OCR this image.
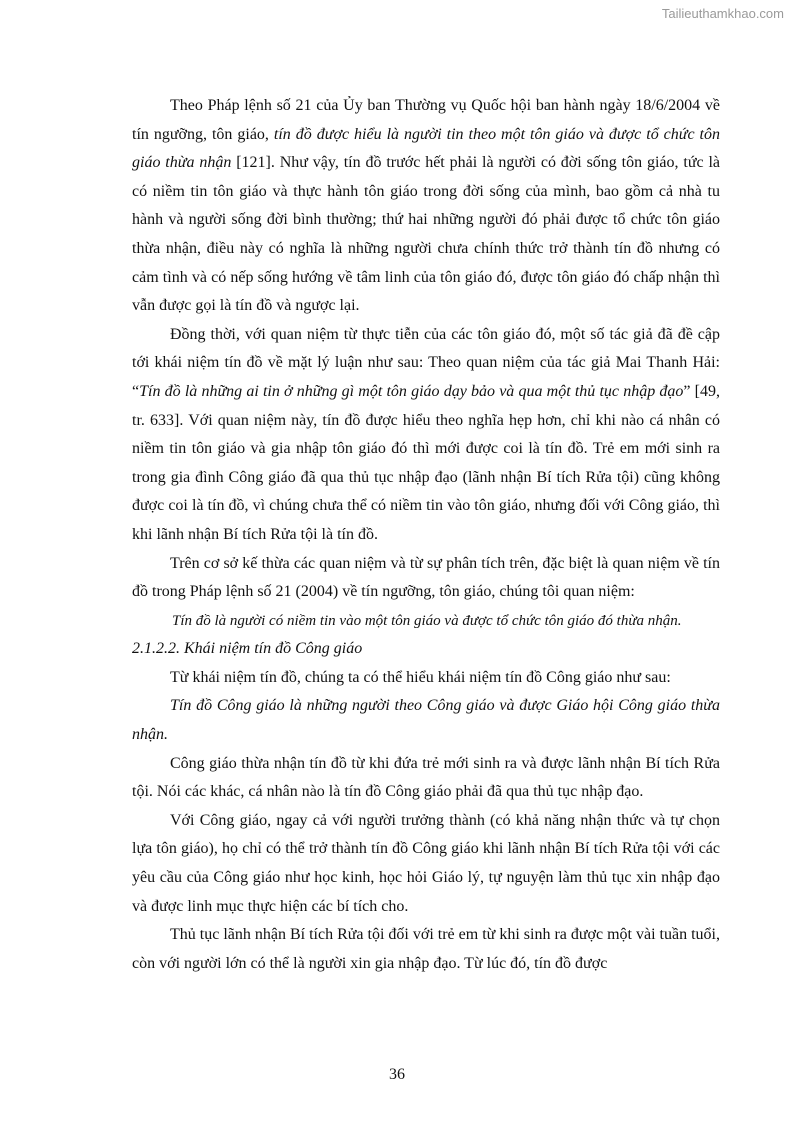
Tailieuthamkhao.com

Theo Pháp lệnh số 21 của Ủy ban Thường vụ Quốc hội ban hành ngày 18/6/2004 về tín ngưỡng, tôn giáo, tín đồ được hiểu là người tin theo một tôn giáo và được tổ chức tôn giáo thừa nhận [121]. Như vậy, tín đồ trước hết phải là người có đời sống tôn giáo, tức là có niềm tin tôn giáo và thực hành tôn giáo trong đời sống của mình, bao gồm cả nhà tu hành và người sống đời bình thường; thứ hai những người đó phải được tổ chức tôn giáo thừa nhận, điều này có nghĩa là những người chưa chính thức trở thành tín đồ nhưng có cảm tình và có nếp sống hướng về tâm linh của tôn giáo đó, được tôn giáo đó chấp nhận thì vẫn được gọi là tín đồ và ngược lại.

Đồng thời, với quan niệm từ thực tiễn của các tôn giáo đó, một số tác giả đã đề cập tới khái niệm tín đồ về mặt lý luận như sau: Theo quan niệm của tác giả Mai Thanh Hải: “Tín đồ là những ai tin ở những gì một tôn giáo dạy bảo và qua một thủ tục nhập đạo” [49, tr. 633]. Với quan niệm này, tín đồ được hiểu theo nghĩa hẹp hơn, chỉ khi nào cá nhân có niềm tin tôn giáo và gia nhập tôn giáo đó thì mới được coi là tín đồ. Trẻ em mới sinh ra trong gia đình Công giáo đã qua thủ tục nhập đạo (lãnh nhận Bí tích Rửa tội) cũng không được coi là tín đồ, vì chúng chưa thể có niềm tin vào tôn giáo, nhưng đối với Công giáo, thì khi lãnh nhận Bí tích Rửa tội là tín đồ.

Trên cơ sở kế thừa các quan niệm và từ sự phân tích trên, đặc biệt là quan niệm về tín đồ trong Pháp lệnh số 21 (2004) về tín ngưỡng, tôn giáo, chúng tôi quan niệm:

Tín đồ là người có niềm tin vào một tôn giáo và được tổ chức tôn giáo đó thừa nhận.

2.1.2.2. Khái niệm tín đồ Công giáo

Từ khái niệm tín đồ, chúng ta có thể hiểu khái niệm tín đồ Công giáo như sau:

Tín đồ Công giáo là những người theo Công giáo và được Giáo hội Công giáo thừa nhận.

Công giáo thừa nhận tín đồ từ khi đứa trẻ mới sinh ra và được lãnh nhận Bí tích Rửa tội. Nói các khác, cá nhân nào là tín đồ Công giáo phải đã qua thủ tục nhập đạo.

Với Công giáo, ngay cả với người trưởng thành (có khả năng nhận thức và tự chọn lựa tôn giáo), họ chỉ có thể trở thành tín đồ Công giáo khi lãnh nhận Bí tích Rửa tội với các yêu cầu của Công giáo như học kinh, học hỏi Giáo lý, tự nguyện làm thủ tục xin nhập đạo và được linh mục thực hiện các bí tích cho.

Thủ tục lãnh nhận Bí tích Rửa tội đối với trẻ em từ khi sinh ra được một vài tuần tuổi, còn với người lớn có thể là người xin gia nhập đạo. Từ lúc đó, tín đồ được

36
